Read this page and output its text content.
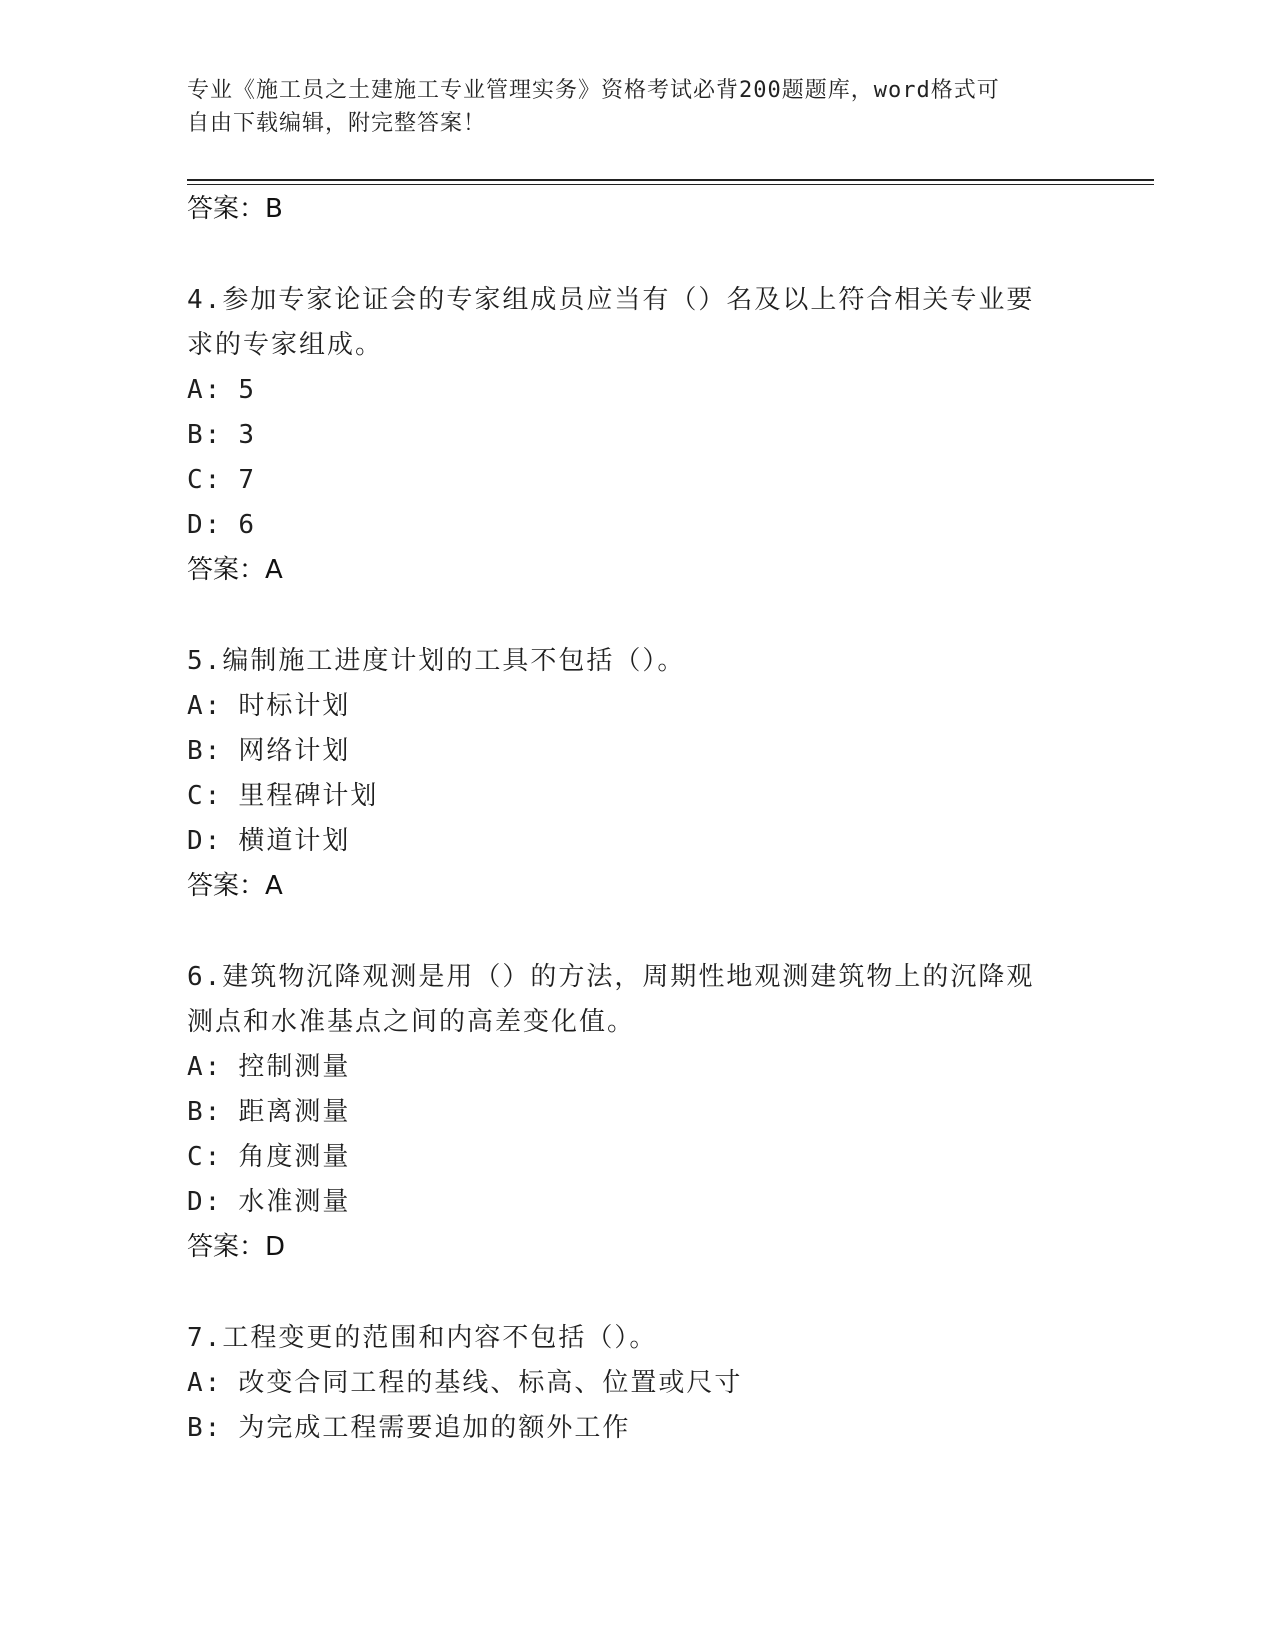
专业《施工员之土建施工专业管理实务》资格考试必背200题题库，word格式可
自由下载编辑，附完整答案！

答案：B

4.参加专家论证会的专家组成员应当有（）名及以上符合相关专业要

求的专家组成。

A: 5

B: 3

C: 7

D: 6

答案：A

5.编制施工进度计划的工具不包括（）。

A: 时标计划

B: 网络计划

C: 里程碑计划

D: 横道计划

答案：A

6.建筑物沉降观测是用（）的方法，周期性地观测建筑物上的沉降观

测点和水准基点之间的高差变化值。

A: 控制测量

B: 距离测量

C: 角度测量

D: 水准测量

答案：D

7.工程变更的范围和内容不包括（）。

A: 改变合同工程的基线、标高、位置或尺寸

B: 为完成工程需要追加的额外工作
